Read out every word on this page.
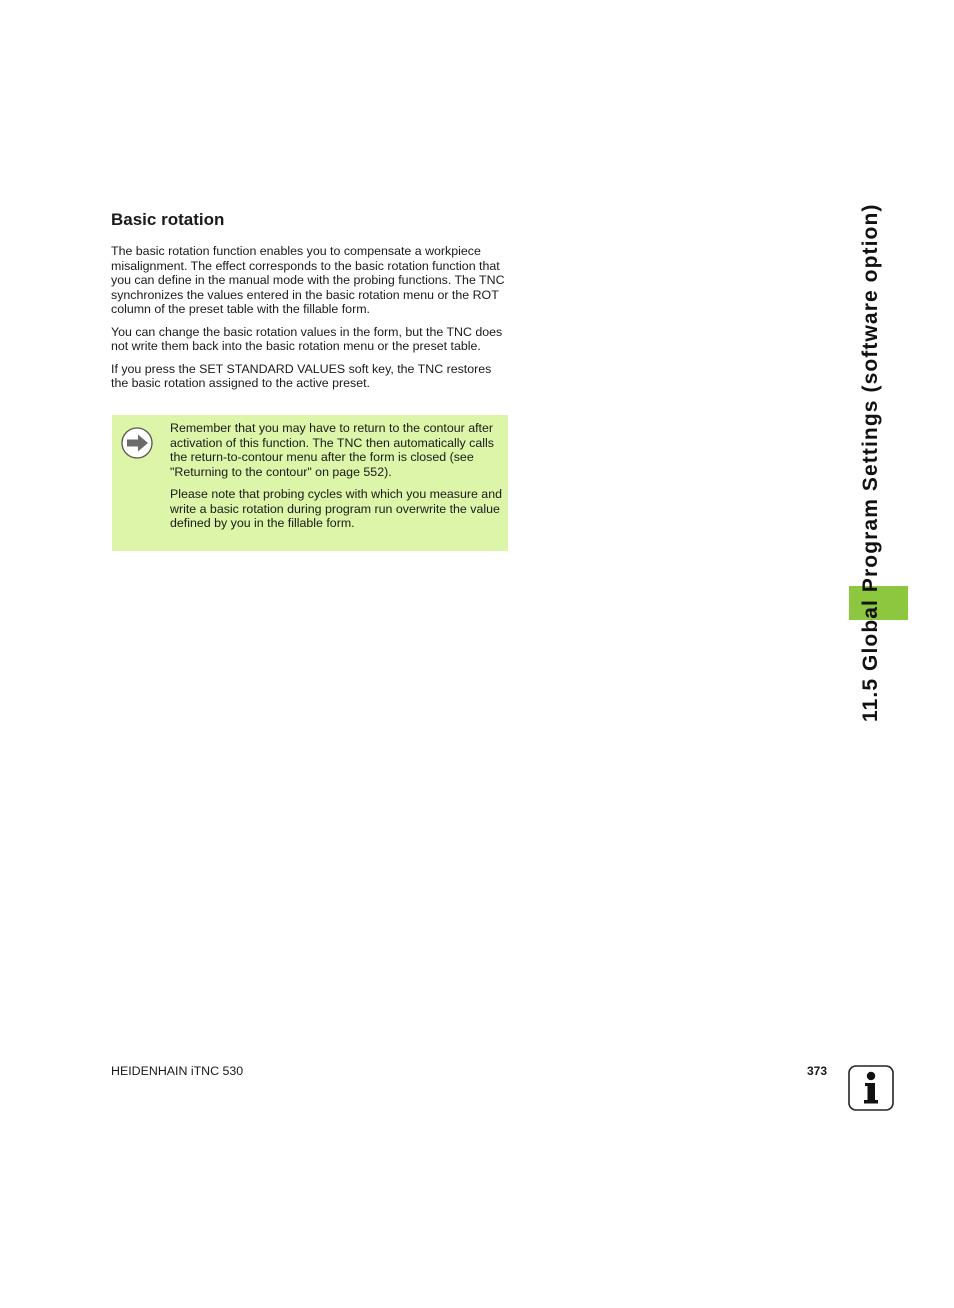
Basic rotation

The basic rotation function enables you to compensate a workpiece misalignment. The effect corresponds to the basic rotation function that you can define in the manual mode with the probing functions. The TNC synchronizes the values entered in the basic rotation menu or the ROT column of the preset table with the fillable form.

You can change the basic rotation values in the form, but the TNC does not write them back into the basic rotation menu or the preset table.

If you press the SET STANDARD VALUES soft key, the TNC restores the basic rotation assigned to the active preset.

Remember that you may have to return to the contour after activation of this function. The TNC then automatically calls the return-to-contour menu after the form is closed (see "Returning to the contour" on page 552).

Please note that probing cycles with which you measure and write a basic rotation during program run overwrite the value defined by you in the fillable form.	11.5 Global Program Settings (software option)
HEIDENHAIN iTNC 530	373
